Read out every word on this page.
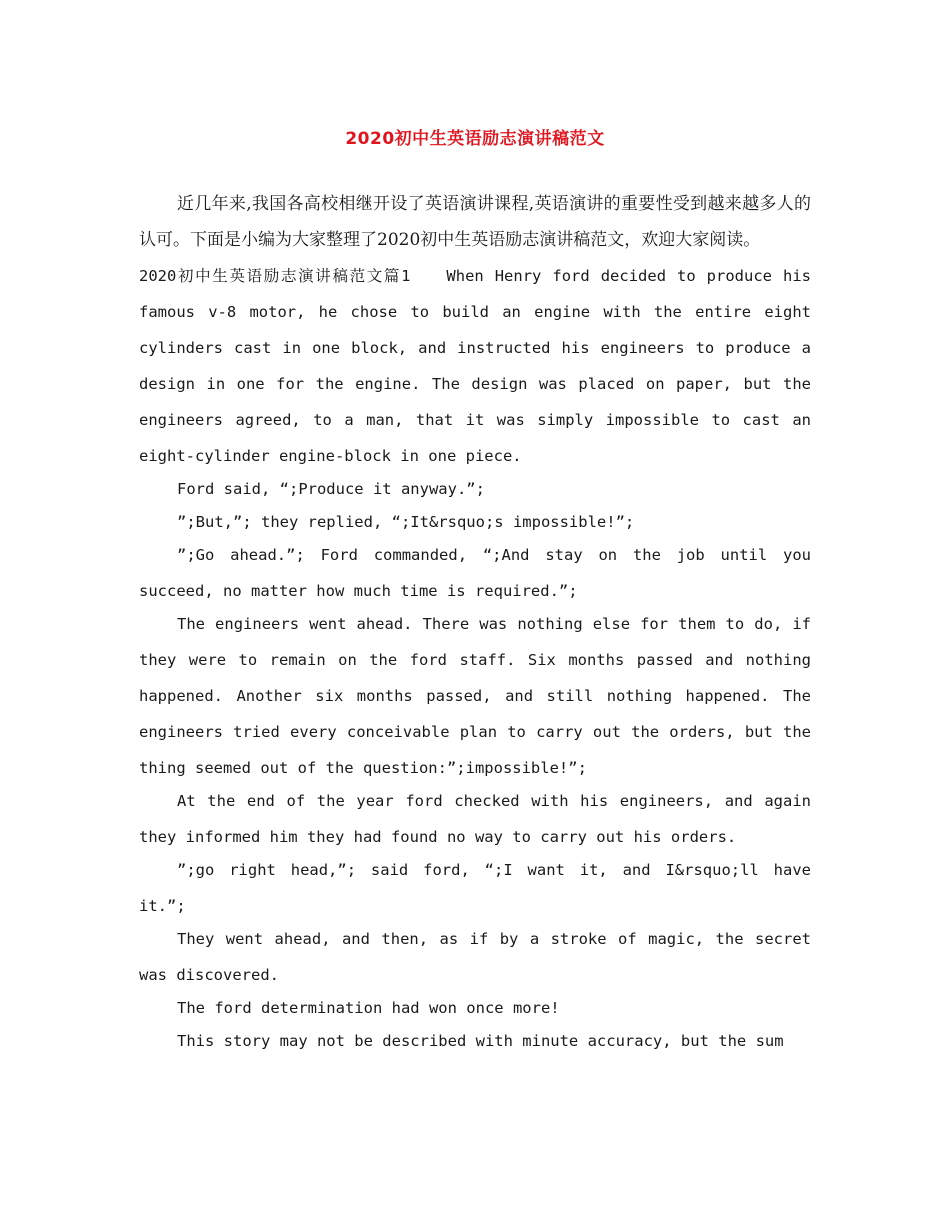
2020初中生英语励志演讲稿范文

近几年来,我国各高校相继开设了英语演讲课程,英语演讲的重要性受到越来越多人的认可。下面是小编为大家整理了2020初中生英语励志演讲稿范文，欢迎大家阅读。

2020初中生英语励志演讲稿范文篇1　　When Henry ford decided to produce his famous v-8 motor, he chose to build an engine with the entire eight cylinders cast in one block, and instructed his engineers to produce a design in one for the engine. The design was placed on paper, but the engineers agreed, to a man, that it was simply impossible to cast an eight-cylinder engine-block in one piece.

Ford said, “;Produce it anyway.”;

”;But,”; they replied, “;It&rsquo;s impossible!”;

”;Go ahead.”; Ford commanded, “;And stay on the job until you succeed, no matter how much time is required.”;

The engineers went ahead. There was nothing else for them to do, if they were to remain on the ford staff. Six months passed and nothing happened. Another six months passed, and still nothing happened. The engineers tried every conceivable plan to carry out the orders, but the thing seemed out of the question:”;impossible!”;

At the end of the year ford checked with his engineers, and again they informed him they had found no way to carry out his orders.

”;go right head,”; said ford, “;I want it, and I&rsquo;ll have it.”;

They went ahead, and then, as if by a stroke of magic, the secret was discovered.

The ford determination had won once more!

This story may not be described with minute accuracy, but the sum
